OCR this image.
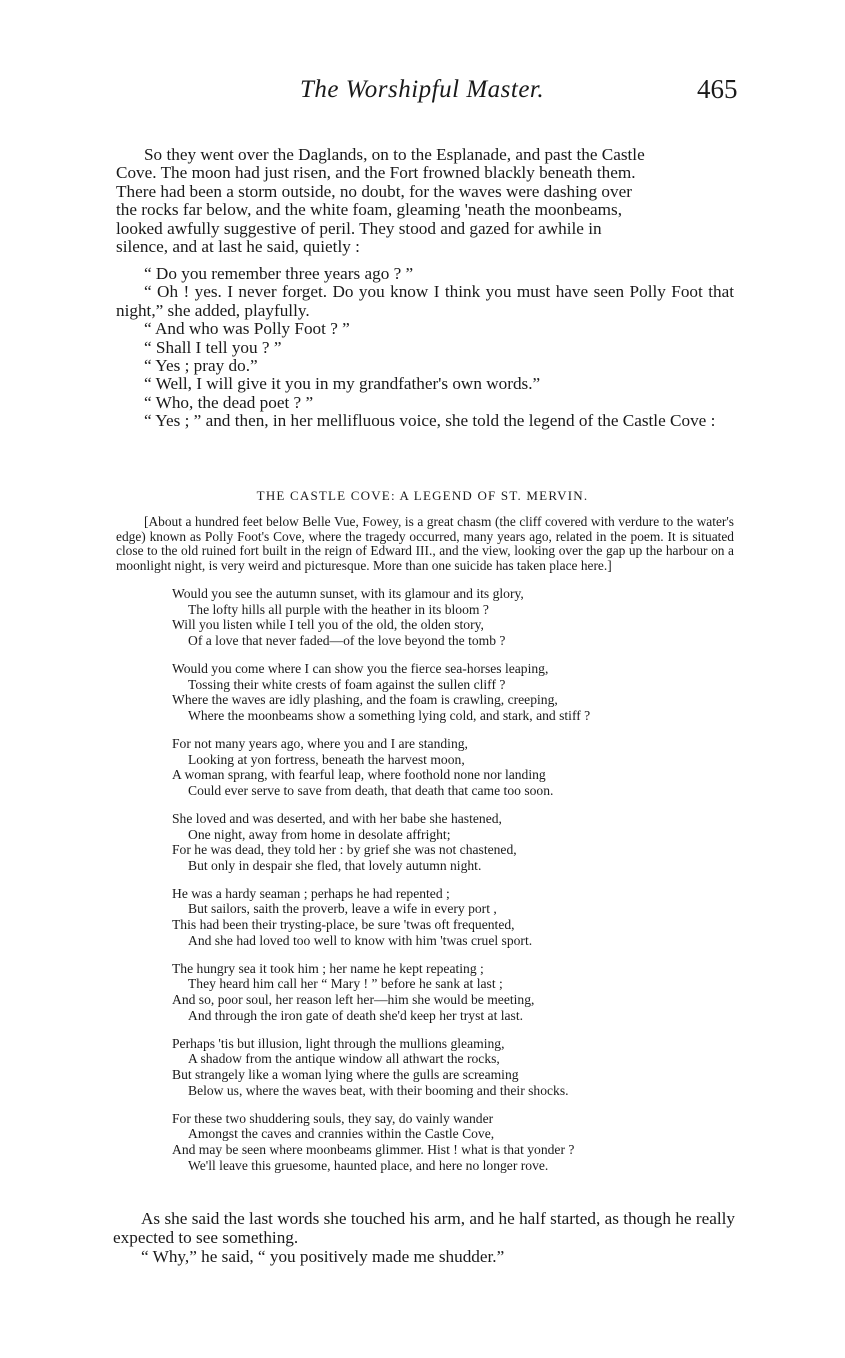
The Worshipful Master.	465
So they went over the Daglands, on to the Esplanade, and past the Castle
Cove. The moon had just risen, and the Fort frowned blackly beneath them.
There had been a storm outside, no doubt, for the waves were dashing over
the rocks far below, and the white foam, gleaming 'neath the moonbeams,
looked awfully suggestive of peril. They stood and gazed for awhile in
silence, and at last he said, quietly :

“ Do you remember three years ago ? ”

“ Oh ! yes. I never forget. Do you know I think you must have seen Polly Foot that night,” she added, playfully.

“ And who was Polly Foot ? ”

“ Shall I tell you ? ”

“ Yes ; pray do.”

“ Well, I will give it you in my grandfather's own words.”

“ Who, the dead poet ? ”

“ Yes ; ” and then, in her mellifluous voice, she told the legend of the Castle Cove :

THE CASTLE COVE: A LEGEND OF ST. MERVIN.
[About a hundred feet below Belle Vue, Fowey, is a great chasm (the cliff covered with verdure to the water's edge) known as Polly Foot's Cove, where the tragedy occurred, many years ago, related in the poem. It is situated close to the old ruined fort built in the reign of Edward III., and the view, looking over the gap up the harbour on a moonlight night, is very weird and picturesque. More than one suicide has taken place here.]
Would you see the autumn sunset, with its glamour and its glory,
The lofty hills all purple with the heather in its bloom ?
Will you listen while I tell you of the old, the olden story,
Of a love that never faded—of the love beyond the tomb ?
Would you come where I can show you the fierce sea-horses leaping,
Tossing their white crests of foam against the sullen cliff ?
Where the waves are idly plashing, and the foam is crawling, creeping,
Where the moonbeams show a something lying cold, and stark, and stiff ?
For not many years ago, where you and I are standing,
Looking at yon fortress, beneath the harvest moon,
A woman sprang, with fearful leap, where foothold none nor landing
Could ever serve to save from death, that death that came too soon.
She loved and was deserted, and with her babe she hastened,
One night, away from home in desolate affright;
For he was dead, they told her : by grief she was not chastened,
But only in despair she fled, that lovely autumn night.
He was a hardy seaman ; perhaps he had repented ;
But sailors, saith the proverb, leave a wife in every port ,
This had been their trysting-place, be sure 'twas oft frequented,
And she had loved too well to know with him 'twas cruel sport.
The hungry sea it took him ; her name he kept repeating ;
They heard him call her “ Mary ! ” before he sank at last ;
And so, poor soul, her reason left her—him she would be meeting,
And through the iron gate of death she'd keep her tryst at last.
Perhaps 'tis but illusion, light through the mullions gleaming,
A shadow from the antique window all athwart the rocks,
But strangely like a woman lying where the gulls are screaming
Below us, where the waves beat, with their booming and their shocks.
For these two shuddering souls, they say, do vainly wander
Amongst the caves and crannies within the Castle Cove,
And may be seen where moonbeams glimmer. Hist ! what is that yonder ?
We'll leave this gruesome, haunted place, and here no longer rove.

As she said the last words she touched his arm, and he half started, as though he really expected to see something.

“ Why,” he said, “ you positively made me shudder.”
